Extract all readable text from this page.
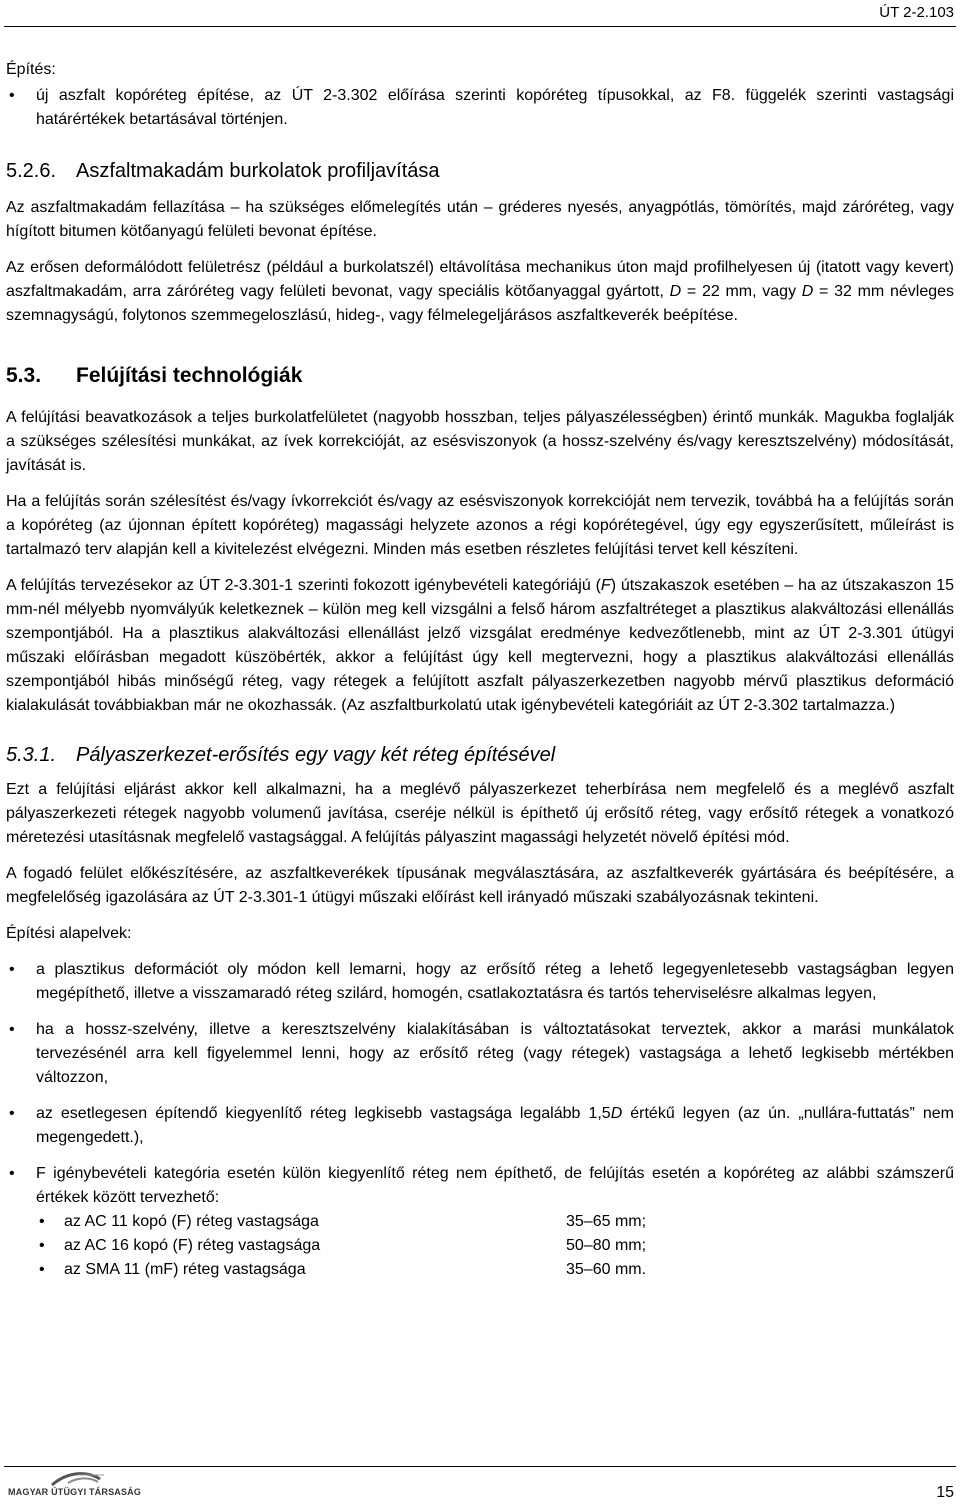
ÚT 2-2.103

Építés:

• új aszfalt kopóréteg építése, az ÚT 2-3.302 előírása szerinti kopóréteg típusokkal, az F8. függelék szerinti vastagsági határértékek betartásával történjen.
5.2.6. Aszfaltmakadám burkolatok profiljavítása

Az aszfaltmakadám fellazítása – ha szükséges előmelegítés után – gréderes nyesés, anyagpótlás, tömörítés, majd záróréteg, vagy hígított bitumen kötőanyagú felületi bevonat építése.

Az erősen deformálódott felületrész (például a burkolatszél) eltávolítása mechanikus úton majd profilhelyesen új (itatott vagy kevert) aszfaltmakadám, arra záróréteg vagy felületi bevonat, vagy speciális kötőanyaggal gyártott, D = 22 mm, vagy D = 32 mm névleges szemnagyságú, folytonos szemmegeloszlású, hideg-, vagy félmelegeljárásos aszfaltkeverék beépítése.

5.3. Felújítási technológiák

A felújítási beavatkozások a teljes burkolatfelületet (nagyobb hosszban, teljes pályaszélességben) érintő munkák. Magukba foglalják a szükséges szélesítési munkákat, az ívek korrekcióját, az esésviszonyok (a hossz-szelvény és/vagy keresztszelvény) módosítását, javítását is.

Ha a felújítás során szélesítést és/vagy ívkorrekciót és/vagy az esésviszonyok korrekcióját nem tervezik, továbbá ha a felújítás során a kopóréteg (az újonnan épített kopóréteg) magassági helyzete azonos a régi kopórétegével, úgy egy egyszerűsített, műleírást is tartalmazó terv alapján kell a kivitelezést elvégezni. Minden más esetben részletes felújítási tervet kell készíteni.

A felújítás tervezésekor az ÚT 2-3.301-1 szerinti fokozott igénybevételi kategóriájú (F) útszakaszok esetében – ha az útszakaszon 15 mm-nél mélyebb nyomvályúk keletkeznek – külön meg kell vizsgálni a felső három aszfaltréteget a plasztikus alakváltozási ellenállás szempontjából. Ha a plasztikus alakváltozási ellenállást jelző vizsgálat eredménye kedvezőtlenebb, mint az ÚT 2-3.301 útügyi műszaki előírásban megadott küszöbérték, akkor a felújítást úgy kell megtervezni, hogy a plasztikus alakváltozási ellenállás szempontjából hibás minőségű réteg, vagy rétegek a felújított aszfalt pályaszerkezetben nagyobb mérvű plasztikus deformáció kialakulását továbbiakban már ne okozhassák. (Az aszfaltburkolatú utak igénybevételi kategóriáit az ÚT 2-3.302 tartalmazza.)

5.3.1. Pályaszerkezet-erősítés egy vagy két réteg építésével

Ezt a felújítási eljárást akkor kell alkalmazni, ha a meglévő pályaszerkezet teherbírása nem megfelelő és a meglévő aszfalt pályaszerkezeti rétegek nagyobb volumenű javítása, cseréje nélkül is építhető új erősítő réteg, vagy erősítő rétegek a vonatkozó méretezési utasításnak megfelelő vastagsággal. A felújítás pályaszint magassági helyzetét növelő építési mód.

A fogadó felület előkészítésére, az aszfaltkeverékek típusának megválasztására, az aszfaltkeverék gyártására és beépítésére, a megfelelőség igazolására az ÚT 2-3.301-1 útügyi műszaki előírást kell irányadó műszaki szabályozásnak tekinteni.

Építési alapelvek:

• a plasztikus deformációt oly módon kell lemarni, hogy az erősítő réteg a lehető legegyenletesebb vastagságban legyen megépíthető, illetve a visszamaradó réteg szilárd, homogén, csatlakoztatásra és tartós teherviselésre alkalmas legyen,
• ha a hossz-szelvény, illetve a keresztszelvény kialakításában is változtatásokat terveztek, akkor a marási munkálatok tervezésénél arra kell figyelemmel lenni, hogy az erősítő réteg (vagy rétegek) vastagsága a lehető legkisebb mértékben változzon,
• az esetlegesen építendő kiegyenlítő réteg legkisebb vastagsága legalább 1,5D értékű legyen (az ún. „nullára-futtatás” nem megengedett.),
• F igénybevételi kategória esetén külön kiegyenlítő réteg nem építhető, de felújítás esetén a kopóréteg az alábbi számszerű értékek között tervezhető:
• az AC 11 kopó (F) réteg vastagsága	35–65 mm;
• az AC 16 kopó (F) réteg vastagsága	50–80 mm;
• az SMA 11 (mF) réteg vastagsága	35–60 mm.
MAGYAR ÚTÜGYI TÁRSASÁG	15
